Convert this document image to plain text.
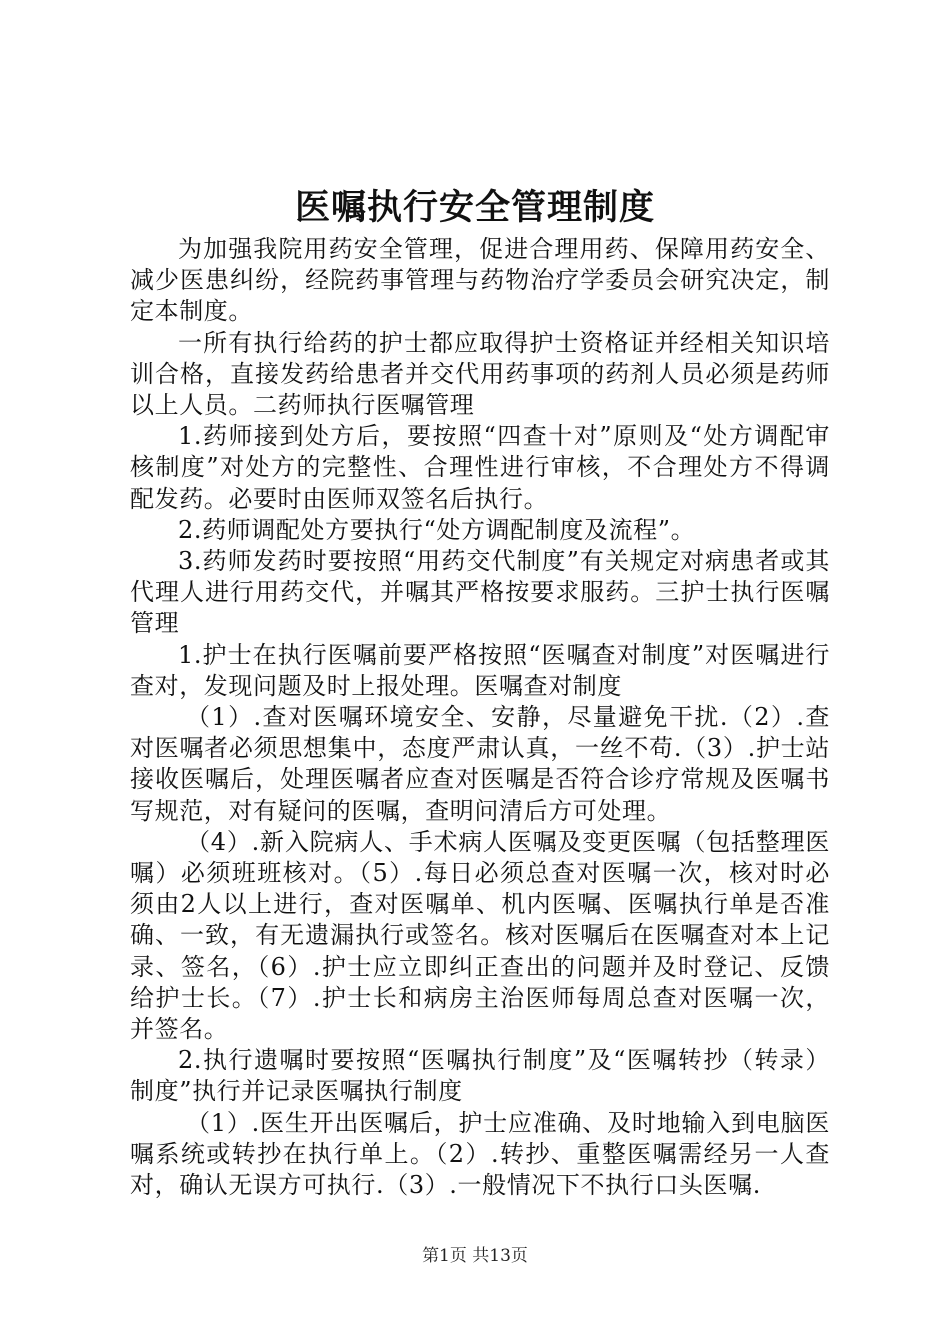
医嘱执行安全管理制度

为加强我院用药安全管理，促进合理用药、保障用药安全、减少医患纠纷，经院药事管理与药物治疗学委员会研究决定，制定本制度。

一所有执行给药的护士都应取得护士资格证并经相关知识培训合格，直接发药给患者并交代用药事项的药剂人员必须是药师以上人员。二药师执行医嘱管理

1.药师接到处方后，要按照“四查十对”原则及“处方调配审核制度”对处方的完整性、合理性进行审核，不合理处方不得调配发药。必要时由医师双签名后执行。

2.药师调配处方要执行“处方调配制度及流程”。

3.药师发药时要按照“用药交代制度”有关规定对病患者或其代理人进行用药交代，并嘱其严格按要求服药。三护士执行医嘱管理

1.护士在执行医嘱前要严格按照“医嘱查对制度”对医嘱进行查对，发现问题及时上报处理。医嘱查对制度

（1）.查对医嘱环境安全、安静，尽量避免干扰.（2）.查对医嘱者必须思想集中，态度严肃认真，一丝不苟.（3）.护士站接收医嘱后，处理医嘱者应查对医嘱是否符合诊疗常规及医嘱书写规范，对有疑问的医嘱，查明问清后方可处理。

（4）.新入院病人、手术病人医嘱及变更医嘱（包括整理医嘱）必须班班核对。（5）.每日必须总查对医嘱一次，核对时必须由2人以上进行，查对医嘱单、机内医嘱、医嘱执行单是否准确、一致，有无遗漏执行或签名。核对医嘱后在医嘱查对本上记录、签名，（6）.护士应立即纠正查出的问题并及时登记、反馈给护士长。（7）.护士长和病房主治医师每周总查对医嘱一次，并签名。

2.执行遗嘱时要按照“医嘱执行制度”及“医嘱转抄（转录）制度”执行并记录医嘱执行制度

（1）.医生开出医嘱后，护士应准确、及时地输入到电脑医嘱系统或转抄在执行单上。（2）.转抄、重整医嘱需经另一人查对，确认无误方可执行.（3）.一般情况下不执行口头医嘱.

第1页 共13页
